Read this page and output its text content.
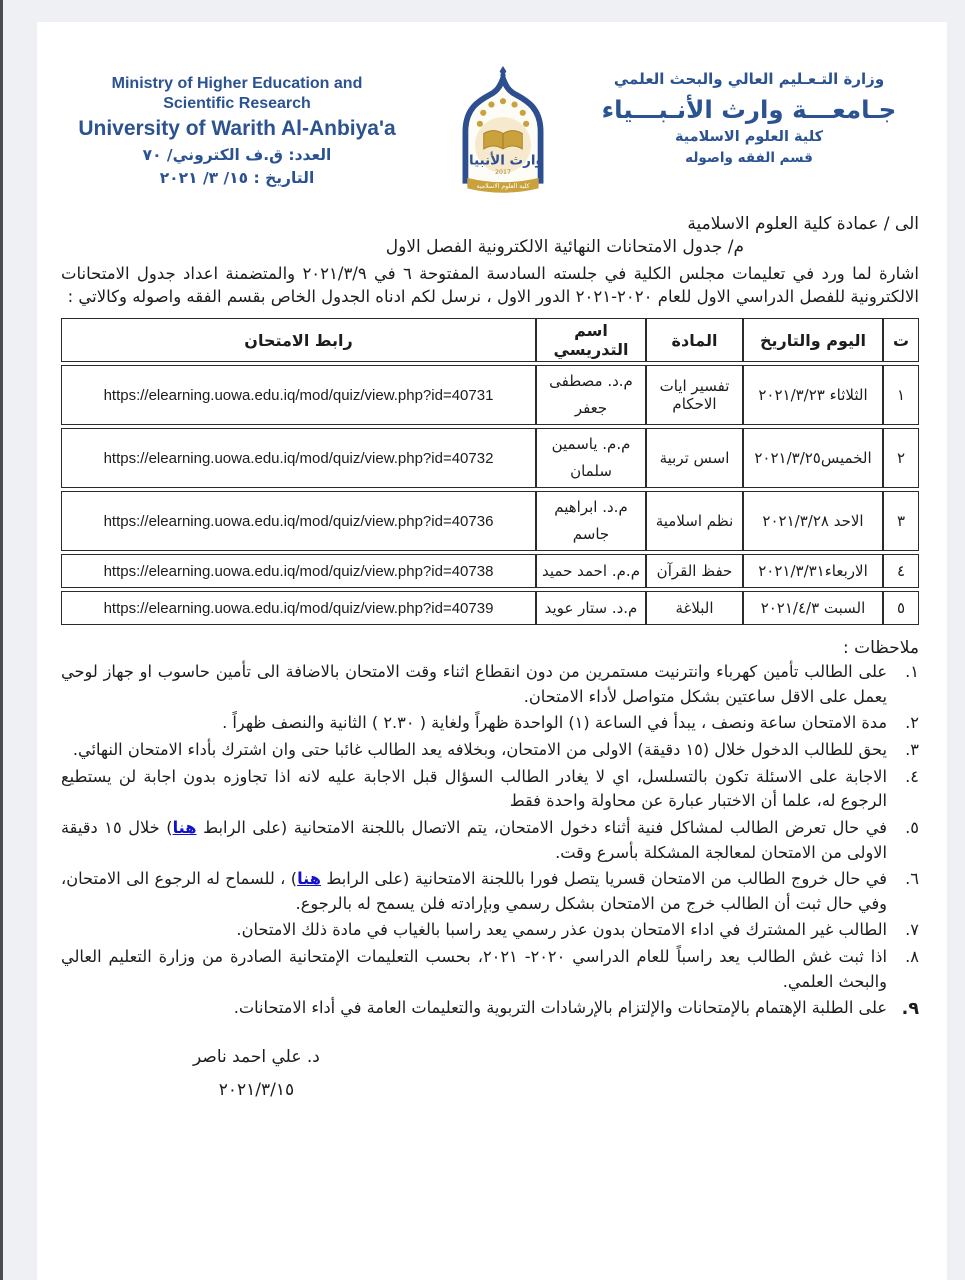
Ministry of Higher Education and
Scientific Research
University of Warith Al-Anbiya'a
العدد: ق.ف الكتروني/ ٧٠
التاريخ : ١٥/ ٣/ ٢٠٢١
وارث الأنبياء
2017
كلية العلوم الاسلامية
وزارة التـعـليم العالي والبحث العلمي
جـامعـــة وارث الأنـبـــياء
كلية العلوم الاسلامية
قسم الفقه واصوله
الى / عمادة كلية العلوم الاسلامية
م/ جدول الامتحانات النهائية الالكترونية الفصل الاول

اشارة لما ورد في تعليمات مجلس الكلية في جلسته السادسة المفتوحة ٦ في ٢٠٢١/٣/٩ والمتضمنة اعداد جدول الامتحانات الالكترونية للفصل الدراسي الاول للعام ٢٠٢٠-٢٠٢١ الدور الاول ، نرسل لكم ادناه الجدول الخاص بقسم الفقه واصوله وكالاتي :

ت	اليوم والتاريخ	المادة	اسم التدريسي	رابط الامتحان
١	الثلاثاء ٢٠٢١/٣/٢٣	تفسير ايات الاحكام	م.د. مصطفى جعفر	https://elearning.uowa.edu.iq/mod/quiz/view.php?id=40731
٢	الخميس٢٠٢١/٣/٢٥	اسس تربية	م.م. ياسمين سلمان	https://elearning.uowa.edu.iq/mod/quiz/view.php?id=40732
٣	الاحد ٢٠٢١/٣/٢٨	نظم اسلامية	م.د. ابراهيم جاسم	https://elearning.uowa.edu.iq/mod/quiz/view.php?id=40736
٤	الاربعاء٢٠٢١/٣/٣١	حفظ القرآن	م.م. احمد حميد	https://elearning.uowa.edu.iq/mod/quiz/view.php?id=40738
٥	السبت ٢٠٢١/٤/٣	البلاغة	م.د. ستار عويد	https://elearning.uowa.edu.iq/mod/quiz/view.php?id=40739
ملاحظات :
١.
على الطالب تأمين كهرباء وانترنيت مستمرين من دون انقطاع اثناء وقت الامتحان بالاضافة الى تأمين حاسوب او جهاز لوحي يعمل على الاقل ساعتين بشكل متواصل لأداء الامتحان.
٢.
مدة الامتحان ساعة ونصف ، يبدأ في الساعة (١) الواحدة ظهراً ولغاية ( ٢.٣٠ ) الثانية والنصف ظهراً .
٣.
يحق للطالب الدخول خلال (١٥ دقيقة) الاولى من الامتحان، وبخلافه يعد الطالب غائبا حتى وان اشترك بأداء الامتحان النهائي.
٤.
الاجابة على الاسئلة تكون بالتسلسل، اي لا يغادر الطالب السؤال قبل الاجابة عليه لانه اذا تجاوزه بدون اجابة لن يستطيع الرجوع له، علما أن الاختبار عبارة عن محاولة واحدة فقط
٥.
في حال تعرض الطالب لمشاكل فنية أثناء دخول الامتحان، يتم الاتصال باللجنة الامتحانية (على الرابط هنا) خلال ١٥ دقيقة الاولى من الامتحان لمعالجة المشكلة بأسرع وقت.
٦.
في حال خروج الطالب من الامتحان قسريا يتصل فورا باللجنة الامتحانية (على الرابط هنا) ، للسماح له الرجوع الى الامتحان، وفي حال ثبت أن الطالب خرج من الامتحان بشكل رسمي وبإرادته فلن يسمح له بالرجوع.
٧.
الطالب غير المشترك في اداء الامتحان بدون عذر رسمي يعد راسبا بالغياب في مادة ذلك الامتحان.
٨.
اذا ثبت غش الطالب يعد راسباً للعام الدراسي ٢٠٢٠- ٢٠٢١، بحسب التعليمات الإمتحانية الصادرة من وزارة التعليم العالي والبحث العلمي.
٩.
على الطلبة الإهتمام بالإمتحانات والإلتزام بالإرشادات التربوية والتعليمات العامة في أداء الامتحانات.
د. علي احمد ناصر
٢٠٢١/٣/١٥
